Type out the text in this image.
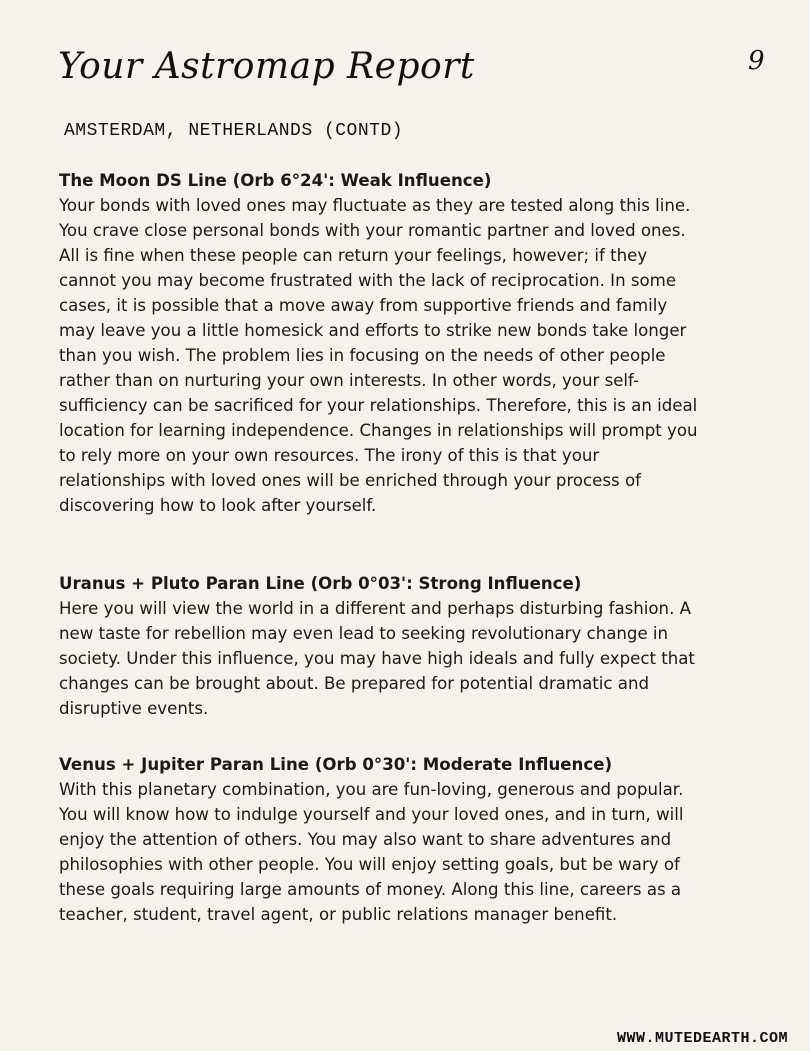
Your Astromap Report	9
AMSTERDAM, NETHERLANDS (CONTD)

The Moon DS Line (Orb 6°24': Weak Influence)

Your bonds with loved ones may fluctuate as they are tested along this line. You crave close personal bonds with your romantic partner and loved ones. All is fine when these people can return your feelings, however; if they cannot you may become frustrated with the lack of reciprocation. In some cases, it is possible that a move away from supportive friends and family may leave you a little homesick and efforts to strike new bonds take longer than you wish. The problem lies in focusing on the needs of other people rather than on nurturing your own interests. In other words, your self-sufficiency can be sacrificed for your relationships. Therefore, this is an ideal location for learning independence. Changes in relationships will prompt you to rely more on your own resources. The irony of this is that your relationships with loved ones will be enriched through your process of discovering how to look after yourself.

Uranus + Pluto Paran Line (Orb 0°03': Strong Influence)

Here you will view the world in a different and perhaps disturbing fashion. A new taste for rebellion may even lead to seeking revolutionary change in society. Under this influence, you may have high ideals and fully expect that changes can be brought about. Be prepared for potential dramatic and disruptive events.

Venus + Jupiter Paran Line (Orb 0°30': Moderate Influence)

With this planetary combination, you are fun-loving, generous and popular. You will know how to indulge yourself and your loved ones, and in turn, will enjoy the attention of others. You may also want to share adventures and philosophies with other people. You will enjoy setting goals, but be wary of these goals requiring large amounts of money. Along this line, careers as a teacher, student, travel agent, or public relations manager benefit.

WWW.MUTEDEARTH.COM
